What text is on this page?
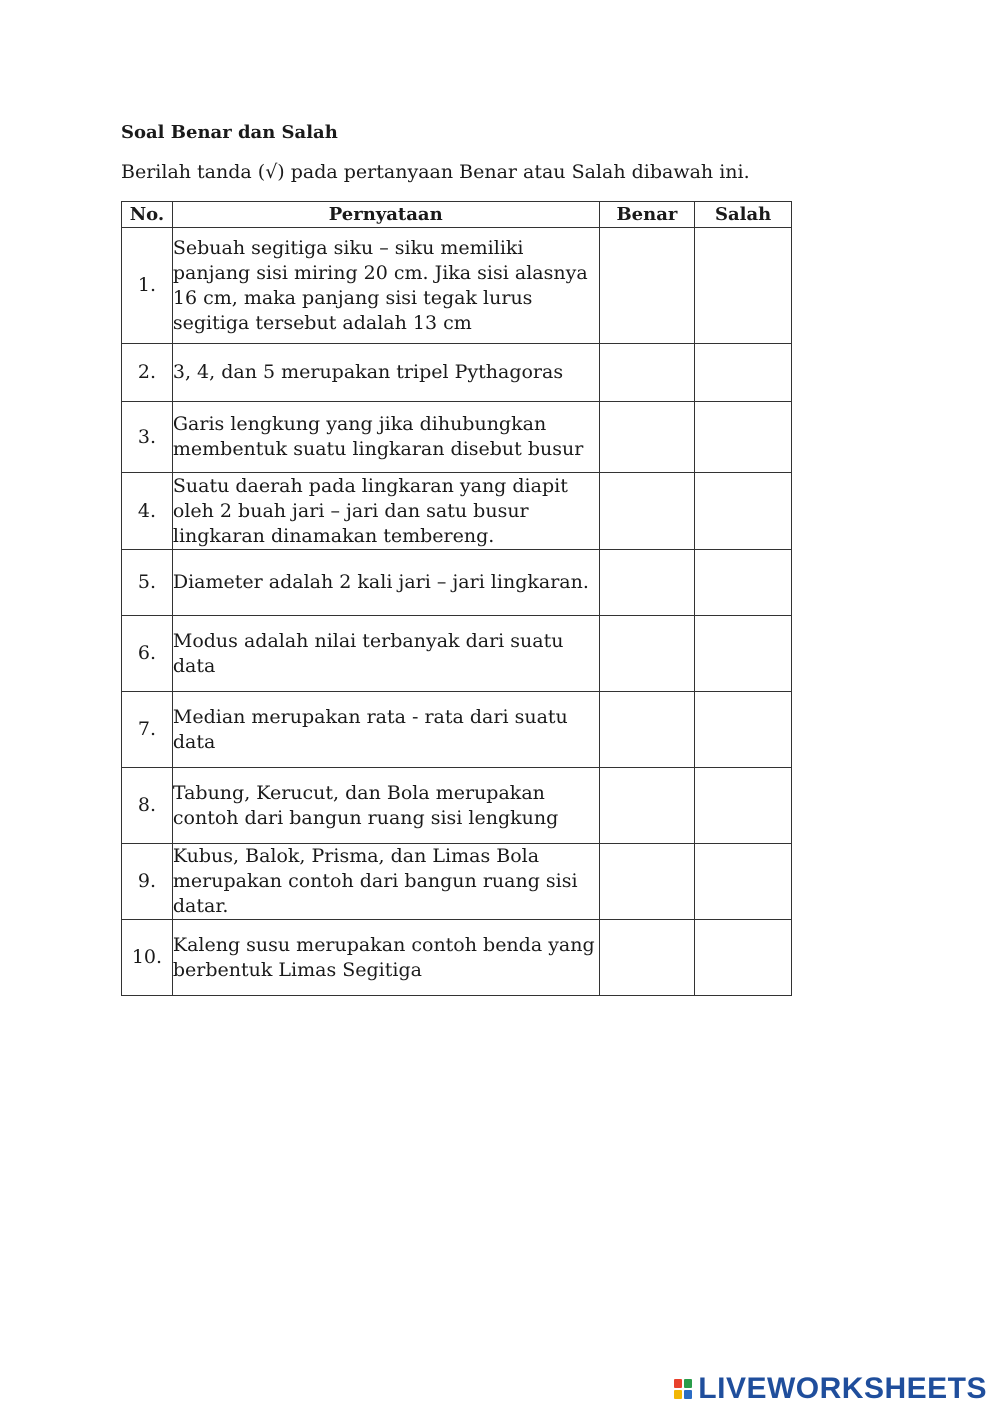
Soal Benar dan Salah
Berilah tanda (√) pada pertanyaan Benar atau Salah dibawah ini.
No.	Pernyataan	Benar	Salah
1.	Sebuah segitiga siku – siku memiliki panjang sisi miring 20 cm. Jika sisi alasnya 16 cm, maka panjang sisi tegak lurus segitiga tersebut adalah 13 cm		
2.	3, 4, dan 5 merupakan tripel Pythagoras		
3.	Garis lengkung yang jika dihubungkan membentuk suatu lingkaran disebut busur		
4.	Suatu daerah pada lingkaran yang diapit oleh 2 buah jari – jari dan satu busur lingkaran dinamakan tembereng.		
5.	Diameter adalah 2 kali jari – jari lingkaran.		
6.	Modus adalah nilai terbanyak dari suatu data		
7.	Median merupakan rata - rata dari suatu data		
8.	Tabung, Kerucut, dan Bola merupakan contoh dari bangun ruang sisi lengkung		
9.	Kubus, Balok, Prisma, dan Limas Bola merupakan contoh dari bangun ruang sisi datar.		
10.	Kaleng susu merupakan contoh benda yang berbentuk Limas Segitiga		
LIVEWORKSHEETS
